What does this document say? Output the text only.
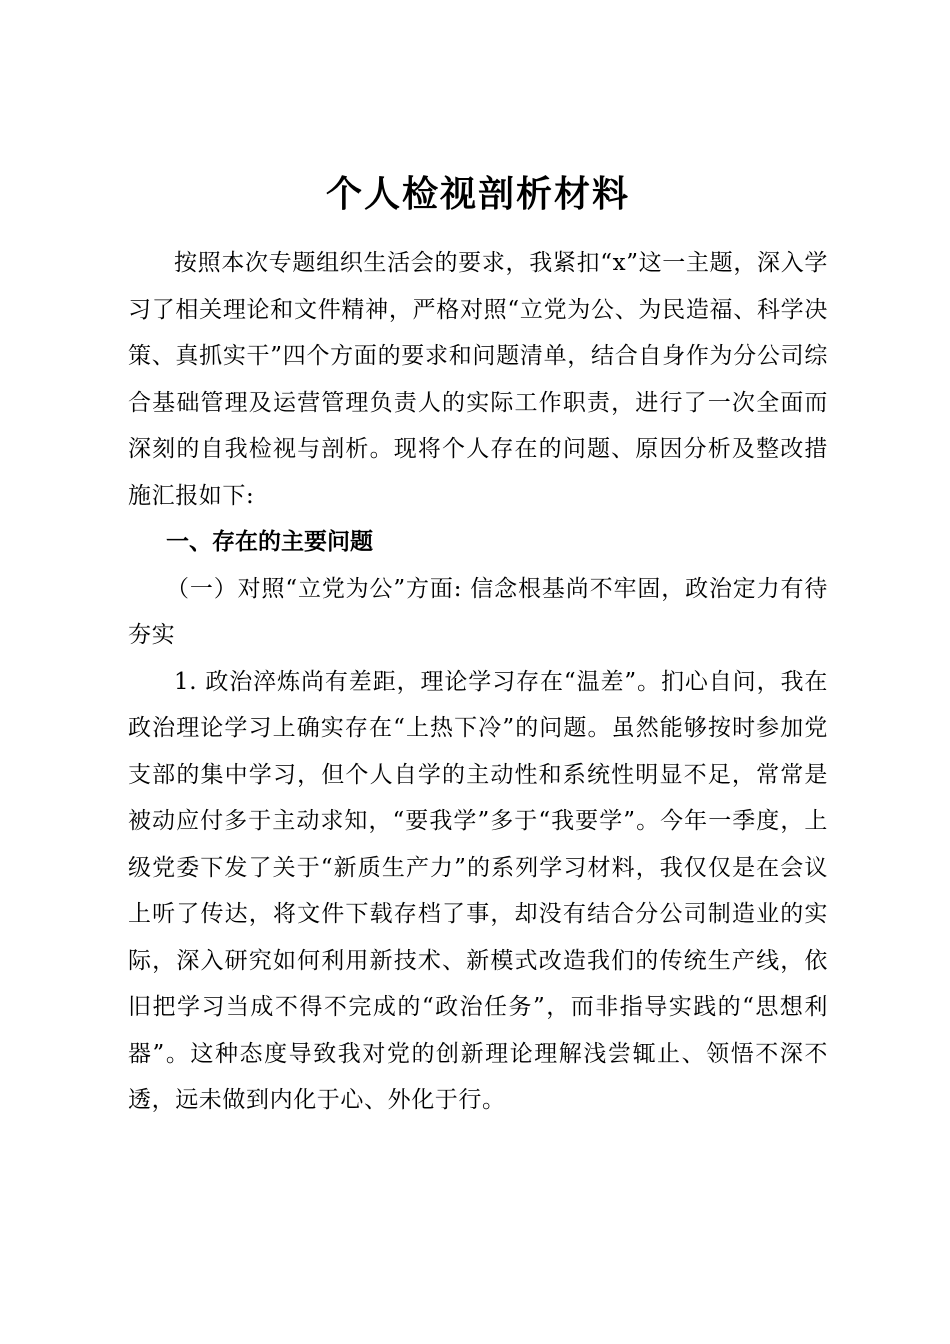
个人检视剖析材料

按照本次专题组织生活会的要求，我紧扣“x”这一主题，深入学习了相关理论和文件精神，严格对照“立党为公、为民造福、科学决策、真抓实干”四个方面的要求和问题清单，结合自身作为分公司综合基础管理及运营管理负责人的实际工作职责，进行了一次全面而深刻的自我检视与剖析。现将个人存在的问题、原因分析及整改措施汇报如下:

一、存在的主要问题

（一）对照“立党为公”方面: 信念根基尚不牢固，政治定力有待夯实

1. 政治淬炼尚有差距，理论学习存在“温差”。扪心自问，我在政治理论学习上确实存在“上热下冷”的问题。虽然能够按时参加党支部的集中学习，但个人自学的主动性和系统性明显不足，常常是被动应付多于主动求知，“要我学”多于“我要学”。今年一季度，上级党委下发了关于“新质生产力”的系列学习材料，我仅仅是在会议上听了传达，将文件下载存档了事，却没有结合分公司制造业的实际，深入研究如何利用新技术、新模式改造我们的传统生产线，依旧把学习当成不得不完成的“政治任务”，而非指导实践的“思想利器”。这种态度导致我对党的创新理论理解浅尝辄止、领悟不深不透，远未做到内化于心、外化于行。
